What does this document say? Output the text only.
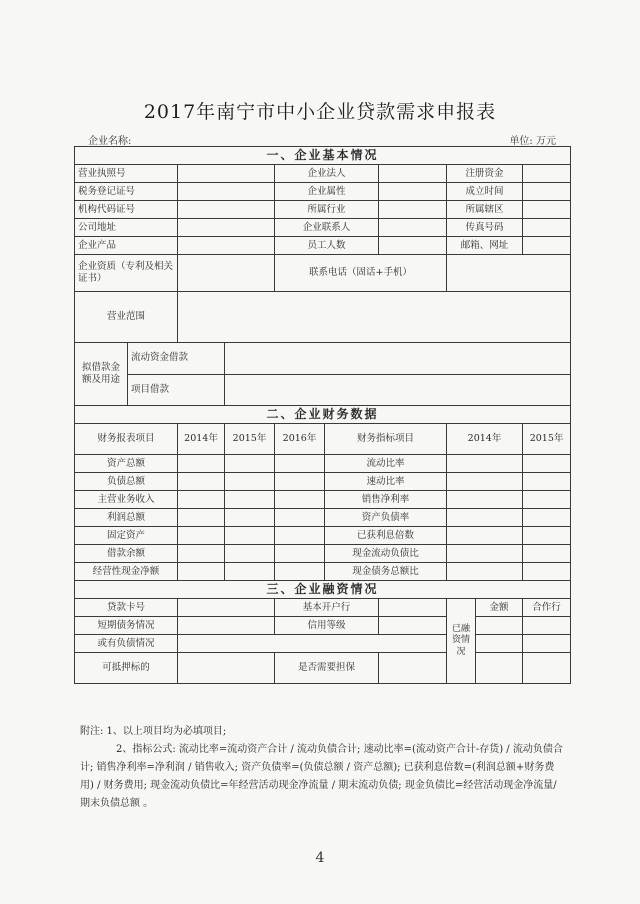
2017年南宁市中小企业贷款需求申报表
企业名称:	单位: 万元
一、企业基本情况									
营业执照号				企业法人			注册资金		
税务登记证号				企业属性			成立时间		
机构代码证号				所属行业			所属辖区		
公司地址				企业联系人			传真号码		
企业产品				员工人数			邮箱、网址		
企业资质（专利及相关证书）				联系电话（固话+手机）					
营业范围									
拟借款金额及用途	流动资金借款								
	项目借款								
二、企业财务数据									
财务报表项目		2014年	2015年	2016年	财务指标项目		2014年		2015年
资产总额					流动比率				
负债总额					速动比率				
主营业务收入					销售净利率				
利润总额					资产负债率				
固定资产					已获利息倍数				
借款余额					现金流动负债比				
经营性现金净额					现金债务总额比				
三、企业融资情况									
贷款卡号				基本开户行			已融资情况	金额	合作行
短期债务情况				信用等级					
或有负债情况									
可抵押标的				是否需要担保					

附注: 1、以上项目均为必填项目;

2、指标公式: 流动比率=流动资产合计 / 流动负债合计; 速动比率=(流动资产合计-存货) / 流动负债合计; 销售净利率=净利润 / 销售收入; 资产负债率=(负债总额 / 资产总额); 已获利息倍数=(利润总额+财务费用) / 财务费用; 现金流动负债比=年经营活动现金净流量 / 期末流动负债; 现金负债比=经营活动现金净流量/ 期末负债总额 。

4
